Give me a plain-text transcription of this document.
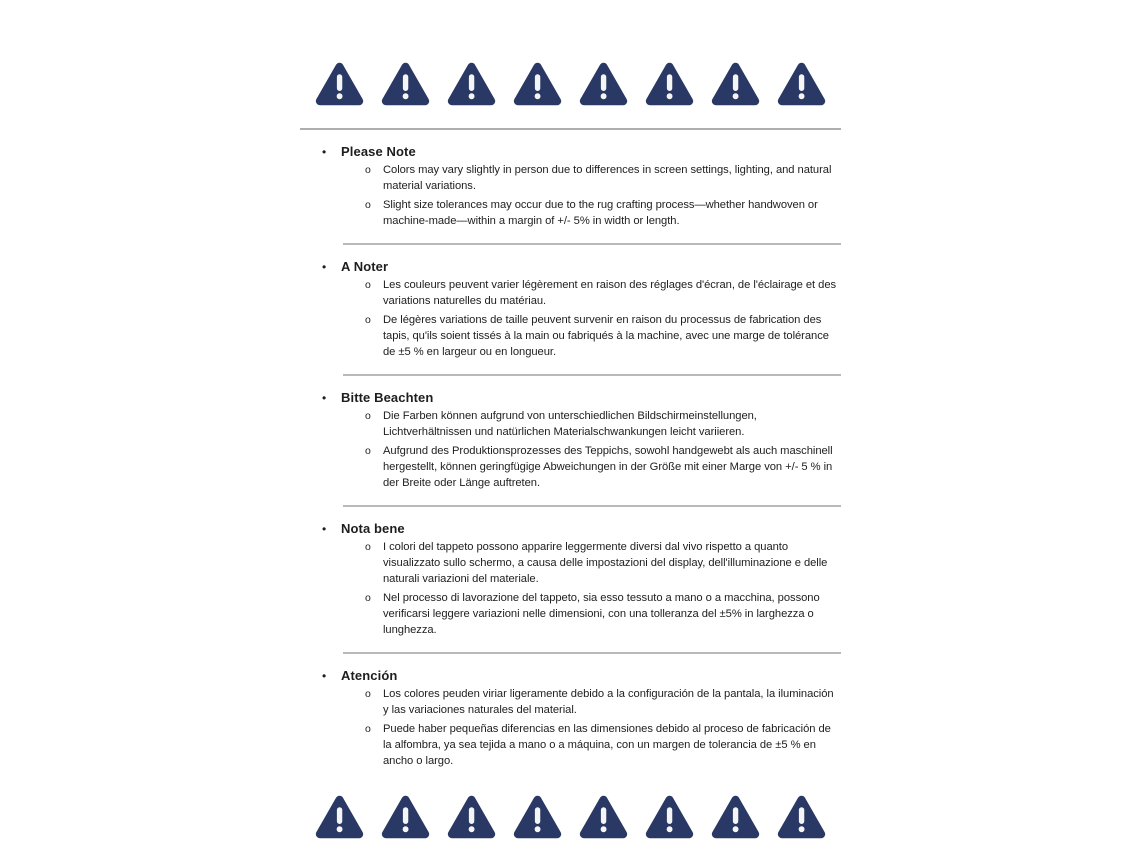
•	Please Note
o	Colors may vary slightly in person due to differences in screen settings, lighting, and natural material variations.
o	Slight size tolerances may occur due to the rug crafting process—whether handwoven or machine-made—within a margin of +/- 5% in width or length.
•	A Noter
o	Les couleurs peuvent varier légèrement en raison des réglages d'écran, de l'éclairage et des variations naturelles du matériau.
o	De légères variations de taille peuvent survenir en raison du processus de fabrication des tapis, qu'ils soient tissés à la main ou fabriqués à la machine, avec une marge de tolérance de ±5 % en largeur ou en longueur.
•	Bitte Beachten
o	Die Farben können aufgrund von unterschiedlichen Bildschirmeinstellungen, Lichtverhältnissen und natürlichen Materialschwankungen leicht variieren.
o	Aufgrund des Produktionsprozesses des Teppichs, sowohl handgewebt als auch maschinell hergestellt, können geringfügige Abweichungen in der Größe mit einer Marge von +/- 5 % in der Breite oder Länge auftreten.
•	Nota bene
o	I colori del tappeto possono apparire leggermente diversi dal vivo rispetto a quanto visualizzato sullo schermo, a causa delle impostazioni del display, dell'illuminazione e delle naturali variazioni del materiale.
o	Nel processo di lavorazione del tappeto, sia esso tessuto a mano o a macchina, possono verificarsi leggere variazioni nelle dimensioni, con una tolleranza del ±5% in larghezza o lunghezza.
•	Atención
o	Los colores peuden viriar ligeramente debido a la configuración de la pantala, la iluminación y las variaciones naturales del material.
o	Puede haber pequeñas diferencias en las dimensiones debido al proceso de fabricación de la alfombra, ya sea tejida a mano o a máquina, con un margen de tolerancia de ±5 % en ancho o largo.
